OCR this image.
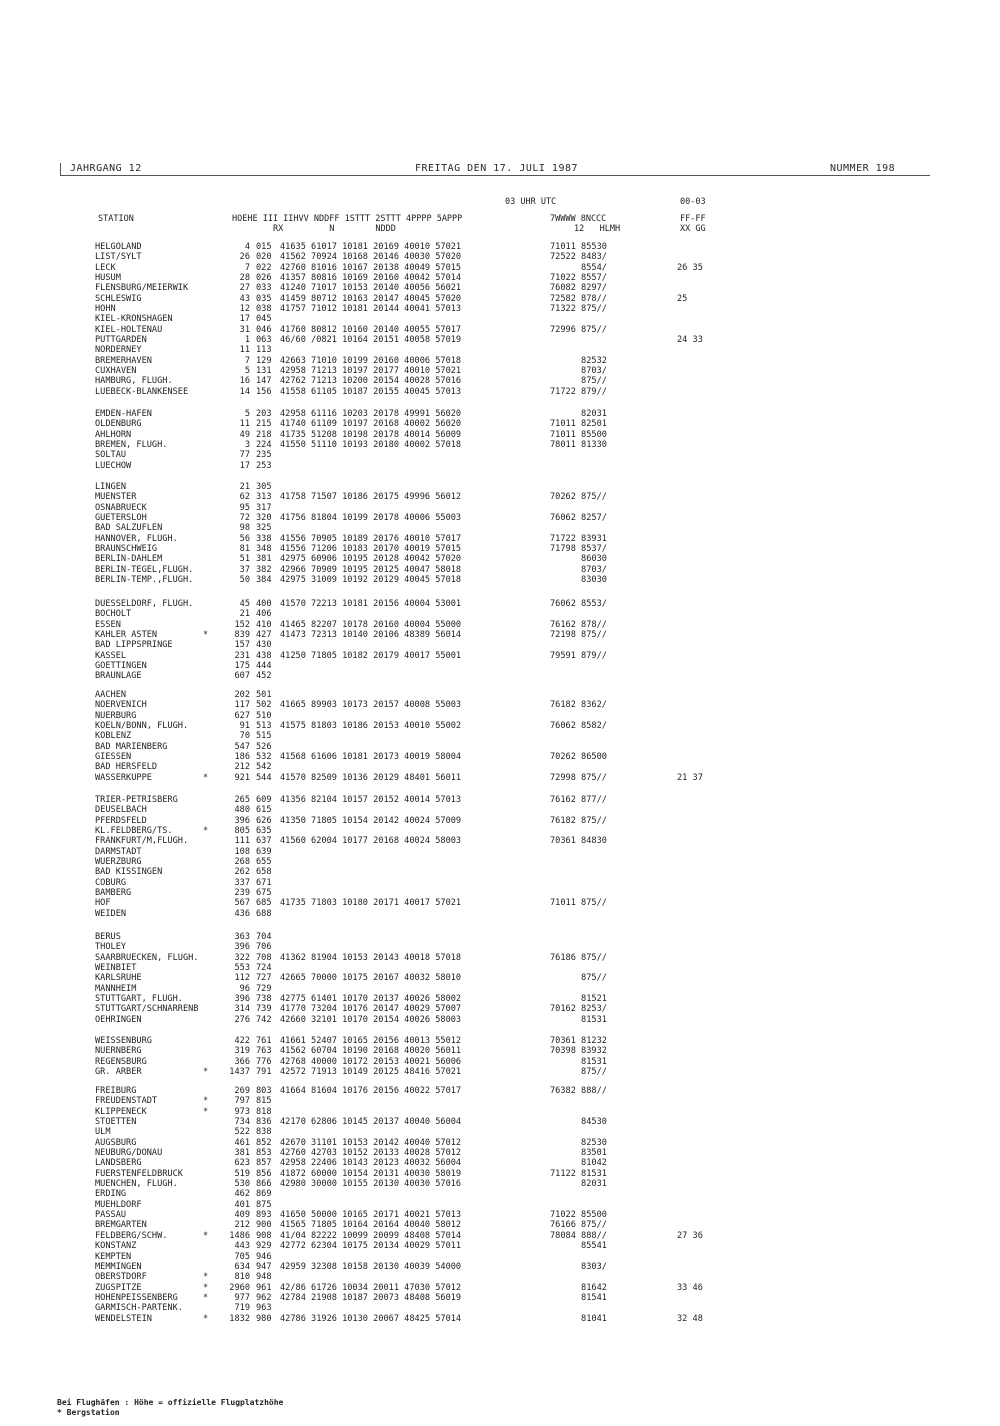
JAHRGANG 12	FREITAG DEN 17. JULI 1987	NUMMER 198
03 UHR UTC	00-03
STATION	HOEHE III IIHVV NDDFF 1STTT 2STTT 4PPPP 5APPP
RX         N        NDDD
7WWWW 8NCCC
12   HLMH
FF-FF
XX GG
HELGOLAND	4 015 41635 61017 10181 20169 40010 57021	71011 85530
LIST/SYLT	26 020 41562 70924 10168 20146 40030 57020	72522 8483/
LECK	7 022 42760 81016 10167 20138 40049 57015	8554/	26 35
HUSUM	28 026 41357 80816 10169 20160 40042 57014	71022 8557/
FLENSBURG/MEIERWIK	27 033 41240 71017 10153 20140 40056 56021	76082 8297/
SCHLESWIG	43 035 41459 80712 10163 20147 40045 57020	72582 878//	25
HOHN	12 038 41757 71012 10181 20144 40041 57013	71322 875//
KIEL-KRONSHAGEN	17 045
KIEL-HOLTENAU	31 046 41760 80812 10160 20140 40055 57017	72996 875//
PUTTGARDEN	1 063 46/60 /0821 10164 20151 40058 57019	24 33
NORDERNEY	11 113
BREMERHAVEN	7 129 42663 71010 10199 20160 40006 57018	82532
CUXHAVEN	5 131 42958 71213 10197 20177 40010 57021	8703/
HAMBURG, FLUGH.	16 147 42762 71213 10200 20154 40028 57016	875//
LUEBECK-BLANKENSEE	14 156 41558 61105 10187 20155 40045 57013	71722 879//
EMDEN-HAFEN	5 203 42958 61116 10203 20178 49991 56020	82031
OLDENBURG	11 215 41740 61109 10197 20168 40002 56020	71011 82501
AHLHORN	49 218 41735 51208 10198 20178 40014 56009	71011 85500
BREMEN, FLUGH.	3 224 41550 51110 10193 20180 40002 57018	78011 81330
SOLTAU	77 235
LUECHOW	17 253
LINGEN	21 305
MUENSTER	62 313 41758 71507 10186 20175 49996 56012	70262 875//
OSNABRUECK	95 317
GUETERSLOH	72 320 41756 81804 10199 20178 40006 55003	76062 8257/
BAD SALZUFLEN	98 325
HANNOVER, FLUGH.	56 338 41556 70905 10189 20176 40010 57017	71722 83931
BRAUNSCHWEIG	81 348 41556 71206 10183 20170 40019 57015	71798 8537/
BERLIN-DAHLEM	51 381 42975 60906 10195 20128 40042 57020	86030
BERLIN-TEGEL,FLUGH.	37 382 42966 70909 10195 20125 40047 58018	8703/
BERLIN-TEMP.,FLUGH.	50 384 42975 31009 10192 20129 40045 57018	83030
DUESSELDORF, FLUGH.	45 400 41570 72213 10181 20156 40004 53001	76062 8553/
BOCHOLT	21 406
ESSEN	152 410 41465 82207 10178 20160 40004 55000	76162 878//
KAHLER ASTEN	*	839 427 41473 72313 10140 20106 48389 56014	72198 875//
BAD LIPPSPRINGE	157 430
KASSEL	231 438 41250 71805 10182 20179 40017 55001	79591 879//
GOETTINGEN	175 444
BRAUNLAGE	607 452
AACHEN	202 501
NOERVENICH	117 502 41665 89903 10173 20157 40008 55003	76182 8362/
NUERBURG	627 510
KOELN/BONN, FLUGH.	91 513 41575 81803 10186 20153 40010 55002	76062 8582/
KOBLENZ	70 515
BAD MARIENBERG	547 526
GIESSEN	186 532 41568 61606 10181 20173 40019 58004	70262 86500
BAD HERSFELD	212 542
WASSERKUPPE	*	921 544 41570 82509 10136 20129 48401 56011	72998 875//	21 37
TRIER-PETRISBERG	265 609 41356 82104 10157 20152 40014 57013	76162 877//
DEUSELBACH	480 615
PFERDSFELD	396 626 41350 71805 10154 20142 40024 57009	76182 875//
KL.FELDBERG/TS.	*	805 635
FRANKFURT/M,FLUGH.	111 637 41560 62004 10177 20168 40024 58003	70361 84830
DARMSTADT	108 639
WUERZBURG	268 655
BAD KISSINGEN	262 658
COBURG	337 671
BAMBERG	239 675
HOF	567 685 41735 71803 10180 20171 40017 57021	71011 875//
WEIDEN	436 688
BERUS	363 704
THOLEY	396 706
SAARBRUECKEN, FLUGH.	322 708 41362 81904 10153 20143 40018 57018	76186 875//
WEINBIET	553 724
KARLSRUHE	112 727 42665 70000 10175 20167 40032 58010	875//
MANNHEIM	96 729
STUTTGART, FLUGH.	396 738 42775 61401 10170 20137 40026 58002	81521
STUTTGART/SCHNARRENB	314 739 41770 73204 10176 20147 40029 57007	70162 8253/
OEHRINGEN	276 742 42660 32101 10170 20154 40026 58003	81531
WEISSENBURG	422 761 41661 52407 10165 20156 40013 55012	70361 81232
NUERNBERG	319 763 41562 60704 10190 20168 40020 56011	70398 83932
REGENSBURG	366 776 42768 40000 10172 20153 40021 56006	81531
GR. ARBER	*	1437 791 42572 71913 10149 20125 48416 57021	875//
FREIBURG	269 803 41664 81604 10176 20156 40022 57017	76382 888//
FREUDENSTADT	*	797 815
KLIPPENECK	*	973 818
STOETTEN	734 836 42170 62806 10145 20137 40040 56004	84530
ULM	522 838
AUGSBURG	461 852 42670 31101 10153 20142 40040 57012	82530
NEUBURG/DONAU	381 853 42760 42703 10152 20133 40028 57012	83501
LANDSBERG	623 857 42958 22406 10143 20123 40032 56004	81042
FUERSTENFELDBRUCK	519 856 41872 60000 10154 20131 40030 58019	71122 81531
MUENCHEN, FLUGH.	530 866 42980 30000 10155 20130 40030 57016	82031
ERDING	462 869
MUEHLDORF	401 875
PASSAU	409 893 41650 50000 10165 20171 40021 57013	71022 85500
BREMGARTEN	212 900 41565 71805 10164 20164 40040 58012	76166 875//
FELDBERG/SCHW.	*	1486 908 41/04 82222 10099 20099 48408 57014	78084 888//	27 36
KONSTANZ	443 929 42772 62304 10175 20134 40029 57011	85541
KEMPTEN	705 946
MEMMINGEN	634 947 42959 32308 10158 20130 40039 54000	8303/
OBERSTDORF	*	810 948
ZUGSPITZE	*	2960 961 42/86 61726 10034 20011 47030 57012	81642	33 46
HOHENPEISSENBERG	*	977 962 42784 21908 10187 20073 48408 56019	81541
GARMISCH-PARTENK.	719 963
WENDELSTEIN	*	1832 980 42786 31926 10130 20067 48425 57014	81041	32 48
Bei Flughäfen : Höhe = offizielle Flugplatzhöhe
* Bergstation
